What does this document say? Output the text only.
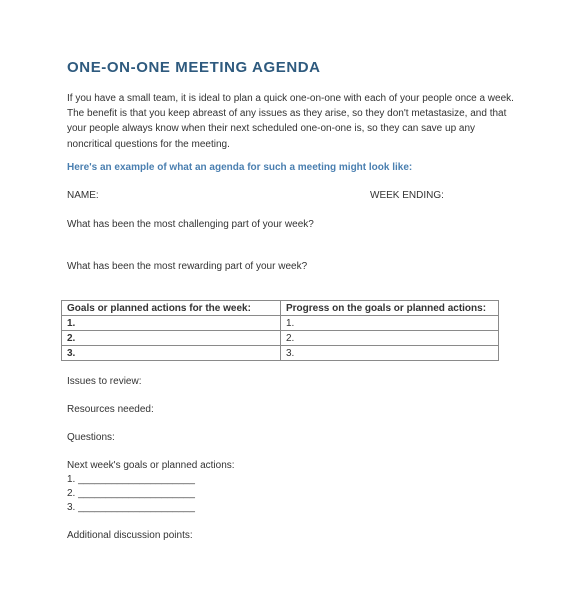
ONE-ON-ONE MEETING AGENDA

If you have a small team, it is ideal to plan a quick one-on-one with each of your people once a week. The benefit is that you keep abreast of any issues as they arise, so they don't metastasize, and that your people always know when their next scheduled one-on-one is, so they can save up any noncritical questions for the meeting.

Here's an example of what an agenda for such a meeting might look like:
NAME:	WEEK ENDING:
What has been the most challenging part of your week?
What has been the most rewarding part of your week?
Goals or planned actions for the week:	Progress on the goals or planned actions:
1.	1.
2.	2.
3.	3.
Issues to review:
Resources needed:
Questions:
Next week's goals or planned actions:
1. _____________________
2. _____________________
3. _____________________
Additional discussion points:
